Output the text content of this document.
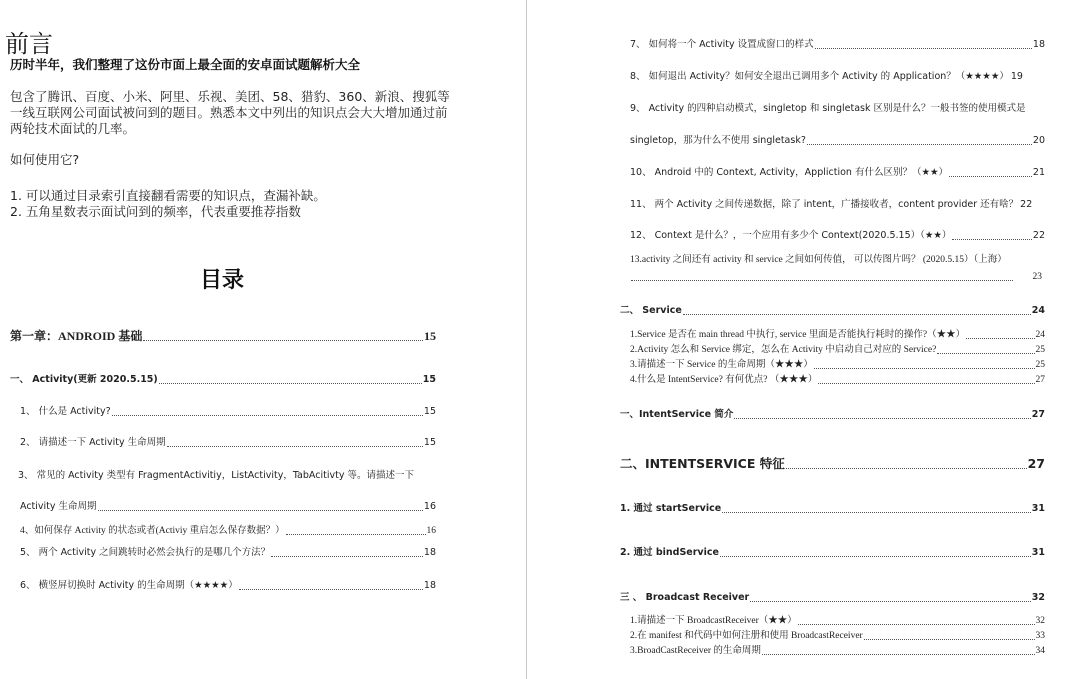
前言
历时半年，我们整理了这份市面上最全面的安卓面试题解析大全
包含了腾讯、百度、小米、阿里、乐视、美团、58、猎豹、360、新浪、搜狐等
一线互联网公司面试被问到的题目。熟悉本文中列出的知识点会大大增加通过前
两轮技术面试的几率。
如何使用它?
1. 可以通过目录索引直接翻看需要的知识点，查漏补缺。
2. 五角星数表示面试问到的频率，代表重要推荐指数
目录
第一章：ANDROID 基础	15
一、 Activity(更新 2020.5.15)	15
1、 什么是 Activity?	15
2、 请描述一下 Activity 生命周期	15
3、 常见的 Activity 类型有 FragmentActivitiy，ListActivity，TabAcitivty 等。请描述一下
Activity 生命周期	16
4、如何保存 Activity 的状态或者(Activiy 重启怎么保存数据？）	16
5、 两个 Activity 之间跳转时必然会执行的是哪几个方法？	18
6、 横竖屏切换时 Activity 的生命周期（★★★★）	18
7、 如何将一个 Activity 设置成窗口的样式	18
8、 如何退出 Activity？如何安全退出已调用多个 Activity 的 Application？（★★★★） 19
9、 Activity 的四种启动模式，singletop 和 singletask 区别是什么？一般书签的使用模式是
singletop，那为什么不使用 singletask?	20
10、 Android 中的 Context, Activity，Appliction 有什么区别？（★★）	21
11、 两个 Activity 之间传递数据，除了 intent，广播接收者，content provider 还有啥？ 22
12、 Context 是什么？，一个应用有多少个 Context(2020.5.15）（★★）	22
13.activity 之间还有 activity 和 service 之间如何传值， 可以传图片吗？ (2020.5.15）（上海）
23
二、 Service	24
1.Service 是否在 main thread 中执行, service 里面是否能执行耗时的操作?（★★）	24
2.Activity 怎么和 Service 绑定，怎么在 Activity 中启动自己对应的 Service?	25
3.请描述一下 Service 的生命周期（★★★）	25
4.什么是 IntentService? 有何优点? （★★★）	27
一、IntentService 简介	27
二、INTENTSERVICE 特征	27
1. 通过 startService	31
2. 通过 bindService	31
三 、 Broadcast Receiver	32
1.请描述一下 BroadcastReceiver（★★）	32
2.在 manifest 和代码中如何注册和使用 BroadcastReceiver	33
3.BroadCastReceiver 的生命周期	34
